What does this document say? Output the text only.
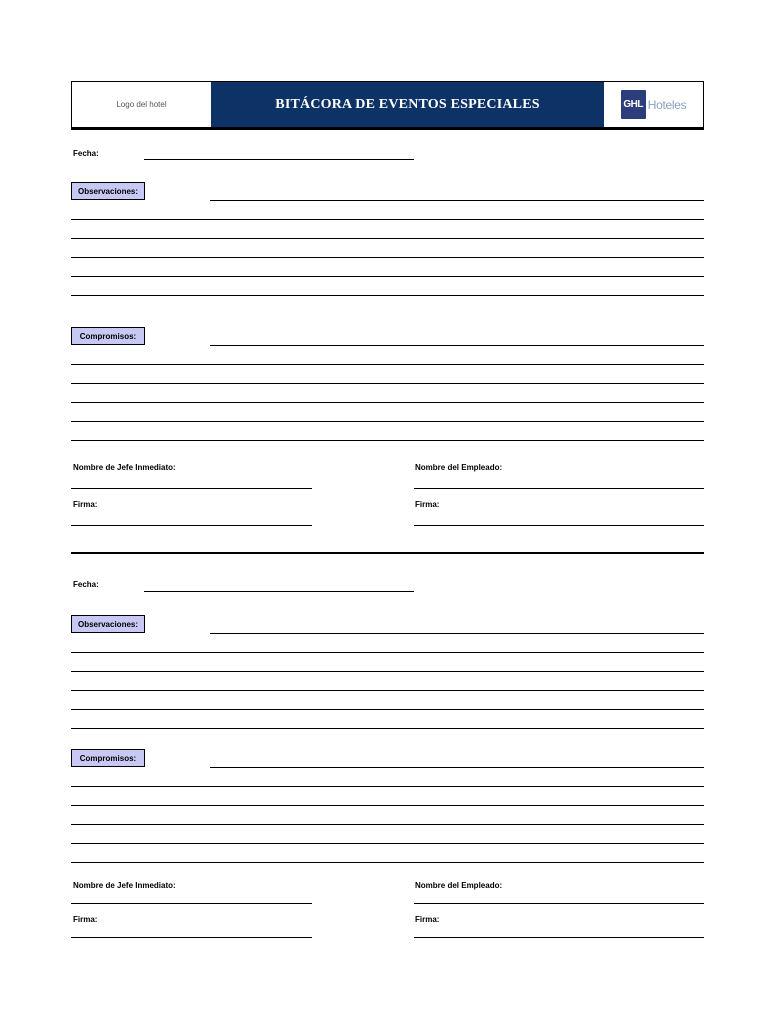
Logo del hotel	BITÁCORA DE EVENTOS ESPECIALES	GHL Hoteles
Fecha:
Observaciones:
Compromisos:
Nombre de Jefe Inmediato:	Nombre del Empleado:
Firma:	Firma:
Fecha:
Observaciones:
Compromisos:
Nombre de Jefe Inmediato:	Nombre del Empleado:
Firma:	Firma:
